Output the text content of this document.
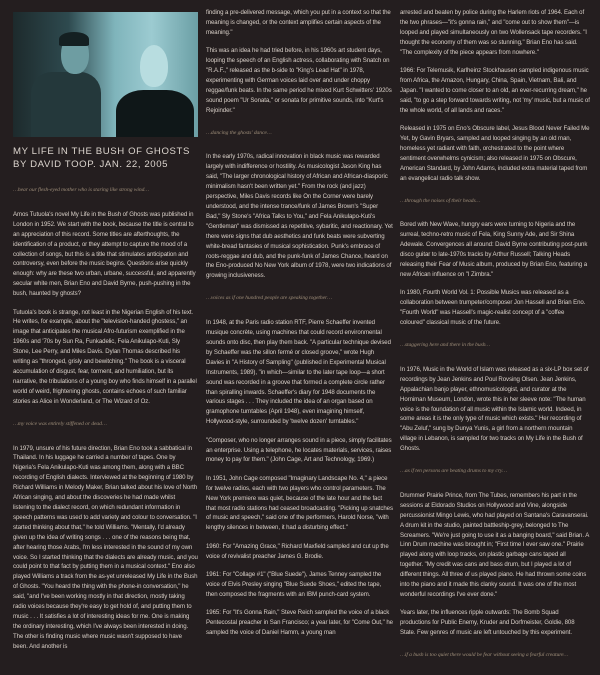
MY LIFE IN THE BUSH OF GHOSTS
BY DAVID TOOP. JAN. 22, 2005

…hear our flesh-eyed mother who is staring like strong wind…

Amos Tutuola's novel My Life in the Bush of Ghosts was published in London in 1952. We start with the book, because the title is central to an appreciation of this record. Some titles are afterthoughts, the identification of a product, or they attempt to capture the mood of a collection of songs, but this is a title that stimulates anticipation and controversy, even before the music begins. Questions arise quickly enough: why are these two urban, urbane, successful, and apparently secular white men, Brian Eno and David Byrne, push-pushing in the bush, haunted by ghosts?

Tutuola's book is strange, not least in the Nigerian English of his text. He writes, for example, about the "television-handed ghostess," an image that anticipates the musical Afro-futurism exemplified in the 1960s and '70s by Sun Ra, Funkadelic, Fela Anikulapo-Kuti, Sly Stone, Lee Perry, and Miles Davis. Dylan Thomas described his writing as "thronged, grisly and bewitching." The book is a visceral accumulation of disgust, fear, torment, and humiliation, but its narrative, the tribulations of a young boy who finds himself in a parallel world of weird, frightening ghosts, contains echoes of such familiar stories as Alice in Wonderland, or The Wizard of Oz.

…my voice was entirely stiffened or dead…

In 1979, unsure of his future direction, Brian Eno took a sabbatical in Thailand. In his luggage he carried a number of tapes. One by Nigeria's Fela Anikulapo-Kuti was among them, along with a BBC recording of English dialects. Interviewed at the beginning of 1980 by Richard Williams in Melody Maker, Brian talked about his love of North African singing, and about the discoveries he had made whilst listening to the dialect record, on which redundant information in speech patterns was used to add variety and colour to conversation. "I started thinking about that," he told Williams. "Mentally, I'd already given up the idea of writing songs . . . one of the reasons being that, after hearing those Arabs, I'm less interested in the sound of my own voice. So I started thinking that the dialects are already music, and you could point to that fact by putting them in a musical context." Eno also played Williams a track from the as-yet unreleased My Life in the Bush of Ghosts. "You heard the thing with the phone-in conversation," he said, "and I've been working mostly in that direction, mostly taking radio voices because they're easy to get hold of, and putting them to music . . . It satisfies a lot of interesting ideas for me. One is making the ordinary interesting, which I've always been interested in doing. The other is finding music where music wasn't supposed to have been. And another is

finding a pre-delivered message, which you put in a context so that the meaning is changed, or the context amplifies certain aspects of the meaning."

This was an idea he had tried before, in his 1960s art student days, looping the speech of an English actress, collaborating with Snatch on "R.A.F.," released as the b-side to "King's Lead Hat" in 1978, experimenting with German voices laid over and under choppy reggae/funk beats. In the same period he mixed Kurt Schwitters' 1920s sound poem "Ur Sonata," or sonata for primitive sounds, into "Kurt's Rejoinder."

…dancing the ghosts' dance…

In the early 1970s, radical innovation in black music was rewarded largely with indifference or hostility. As musicologist Jason King has said, "The larger chronological history of African and African-diasporic minimalism hasn't been written yet." From the rock (and jazz) perspective, Miles Davis records like On the Corner were barely understood, and the intense trance/funk of James Brown's "Super Bad," Sly Stone's "Africa Talks to You," and Fela Anikulapo-Kuti's "Gentleman" was dismissed as repetitive, sybaritic, and reactionary. Yet there were signs that dub aesthetics and funk beats were subverting white-bread fantasies of musical sophistication. Punk's embrace of roots-reggae and dub, and the punk-funk of James Chance, heard on the Eno-produced No New York album of 1978, were two indications of growing inclusiveness.

…voices as if one hundred people are speaking together…

In 1948, at the Paris radio station RTF, Pierre Schaeffer invented musique concrète, using machines that could record environmental sounds onto disc, then play them back. "A particular technique devised by Schaeffer was the sillon fermé or closed groove," wrote Hugh Davies in "A History of Sampling" (published in Experimental Musical Instruments, 1989), "in which—similar to the later tape loop—a short sound was recorded in a groove that formed a complete circle rather than spiralling inwards. Schaeffer's diary for 1948 documents the various stages . . . They included the idea of an organ based on gramophone turntables (April 1948), even imagining himself, Hollywood-style, surrounded by 'twelve dozen' turntables."

"Composer, who no longer arranges sound in a piece, simply facilitates an enterprise. Using a telephone, he locates materials, services, raises money to pay for them." (John Cage, Art and Technology, 1969.)

In 1951, John Cage composed "Imaginary Landscape No. 4," a piece for twelve radios, each with two players who control parameters. The New York premiere was quiet, because of the late hour and the fact that most radio stations had ceased broadcasting. "Picking up snatches of music and speech," said one of the performers, Harold Norse, "with lengthy silences in between, it had a disturbing effect."

1960: For "Amazing Grace," Richard Maxfield sampled and cut up the voice of revivalist preacher James G. Brodie.

1961: For "Collage #1" ("Blue Suede"), James Tenney sampled the voice of Elvis Presley singing "Blue Suede Shoes," edited the tape, then composed the fragments with an IBM punch-card system.

1965: For "It's Gonna Rain," Steve Reich sampled the voice of a black Pentecostal preacher in San Francisco; a year later, for "Come Out," he sampled the voice of Daniel Hamm, a young man

arrested and beaten by police during the Harlem riots of 1964. Each of the two phrases—"it's gonna rain," and "come out to show them"—is looped and played simultaneously on two Wollensack tape recorders. "I thought the economy of them was so stunning," Brian Eno has said. "The complexity of the piece appears from nowhere."

1966: For Telemusik, Karlheinz Stockhausen sampled indigenous music from Africa, the Amazon, Hungary, China, Spain, Vietnam, Bali, and Japan. "I wanted to come closer to an old, an ever-recurring dream," he said, "to go a step forward towards writing, not 'my' music, but a music of the whole world, of all lands and races."

Released in 1975 on Eno's Obscure label, Jesus Blood Never Failed Me Yet, by Gavin Bryars, sampled and looped singing by an old man, homeless yet radiant with faith, orchestrated to the point where sentiment overwhelms cynicism; also released in 1975 on Obscure, American Standard, by John Adams, included extra material taped from an evangelical radio talk show.

…through the noises of their heads…

Bored with New Wave, hungry ears were turning to Nigeria and the surreal, techno-retro music of Fela, King Sunny Ade, and Sir Shina Adewale. Convergences all around: David Byrne contributing post-punk disco guitar to late-1970s tracks by Arthur Russell; Talking Heads releasing their Fear of Music album, produced by Brian Eno, featuring a new African influence on "I Zimbra."

In 1980, Fourth World Vol. 1: Possible Musics was released as a collaboration between trumpeter/composer Jon Hassell and Brian Eno. "Fourth World" was Hassell's magic-realist concept of a "coffee coloured" classical music of the future.

…staggering here and there in the bush…

In 1976, Music in the World of Islam was released as a six-LP box set of recordings by Jean Jenkins and Poul Rovsing Olsen. Jean Jenkins, Appalachian banjo player, ethnomusicologist, and curator at the Horniman Museum, London, wrote this in her sleeve note: "The human voice is the foundation of all music within the Islamic world. Indeed, in some areas it is the only type of music which exists." Her recording of "Abu Zeluf," sung by Dunya Yunis, a girl from a northern mountain village in Lebanon, is sampled for two tracks on My Life in the Bush of Ghosts.

…as if ten persons are beating drums to my cry…

Drummer Prairie Prince, from The Tubes, remembers his part in the sessions at Eldorado Studios on Hollywood and Vine, alongside percussionist Mingo Lewis, who had played on Santana's Caravanserai. A drum kit in the studio, painted battleship-grey, belonged to The Screamers. "We're just going to use it as a banging board," said Brian. A Linn Drum machine was brought in; "First time I ever saw one." Prairie played along with loop tracks, on plastic garbage cans taped all together. "My credit was cans and bass drum, but I played a lot of different things. All three of us played piano. He had thrown some coins into the piano and it made this clanky sound. It was one of the most wonderful recordings I've ever done."

Years later, the influences ripple outwards: The Bomb Squad productions for Public Enemy, Kruder and Dorfmeister, Goldie, 808 State. Few genres of music are left untouched by this experiment.

…if a bush is too quiet there would be fear without seeing a fearful creature…
